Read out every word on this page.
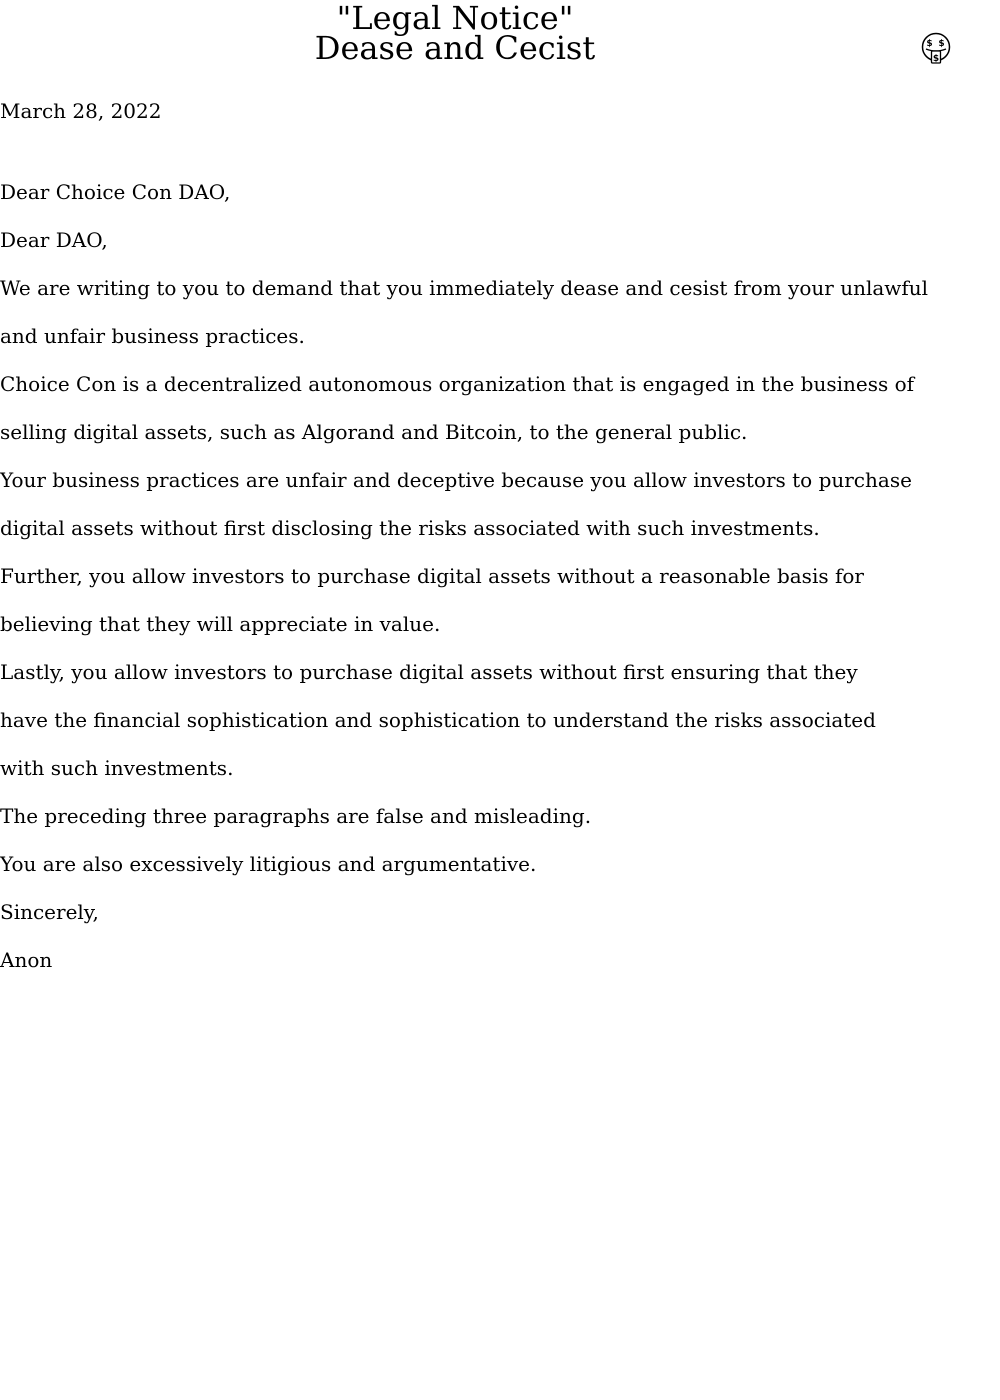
"Legal Notice"
Dease and Cecist	$ $
$
March 28, 2022
Dear Choice Con DAO,
Dear DAO,
We are writing to you to demand that you immediately dease and cesist from your unlawful
and unfair business practices.
Choice Con is a decentralized autonomous organization that is engaged in the business of
selling digital assets, such as Algorand and Bitcoin, to the general public.
Your business practices are unfair and deceptive because you allow investors to purchase
digital assets without first disclosing the risks associated with such investments.
Further, you allow investors to purchase digital assets without a reasonable basis for
believing that they will appreciate in value.
Lastly, you allow investors to purchase digital assets without first ensuring that they
have the financial sophistication and sophistication to understand the risks associated
with such investments.
The preceding three paragraphs are false and misleading.
You are also excessively litigious and argumentative.
Sincerely,
Anon
